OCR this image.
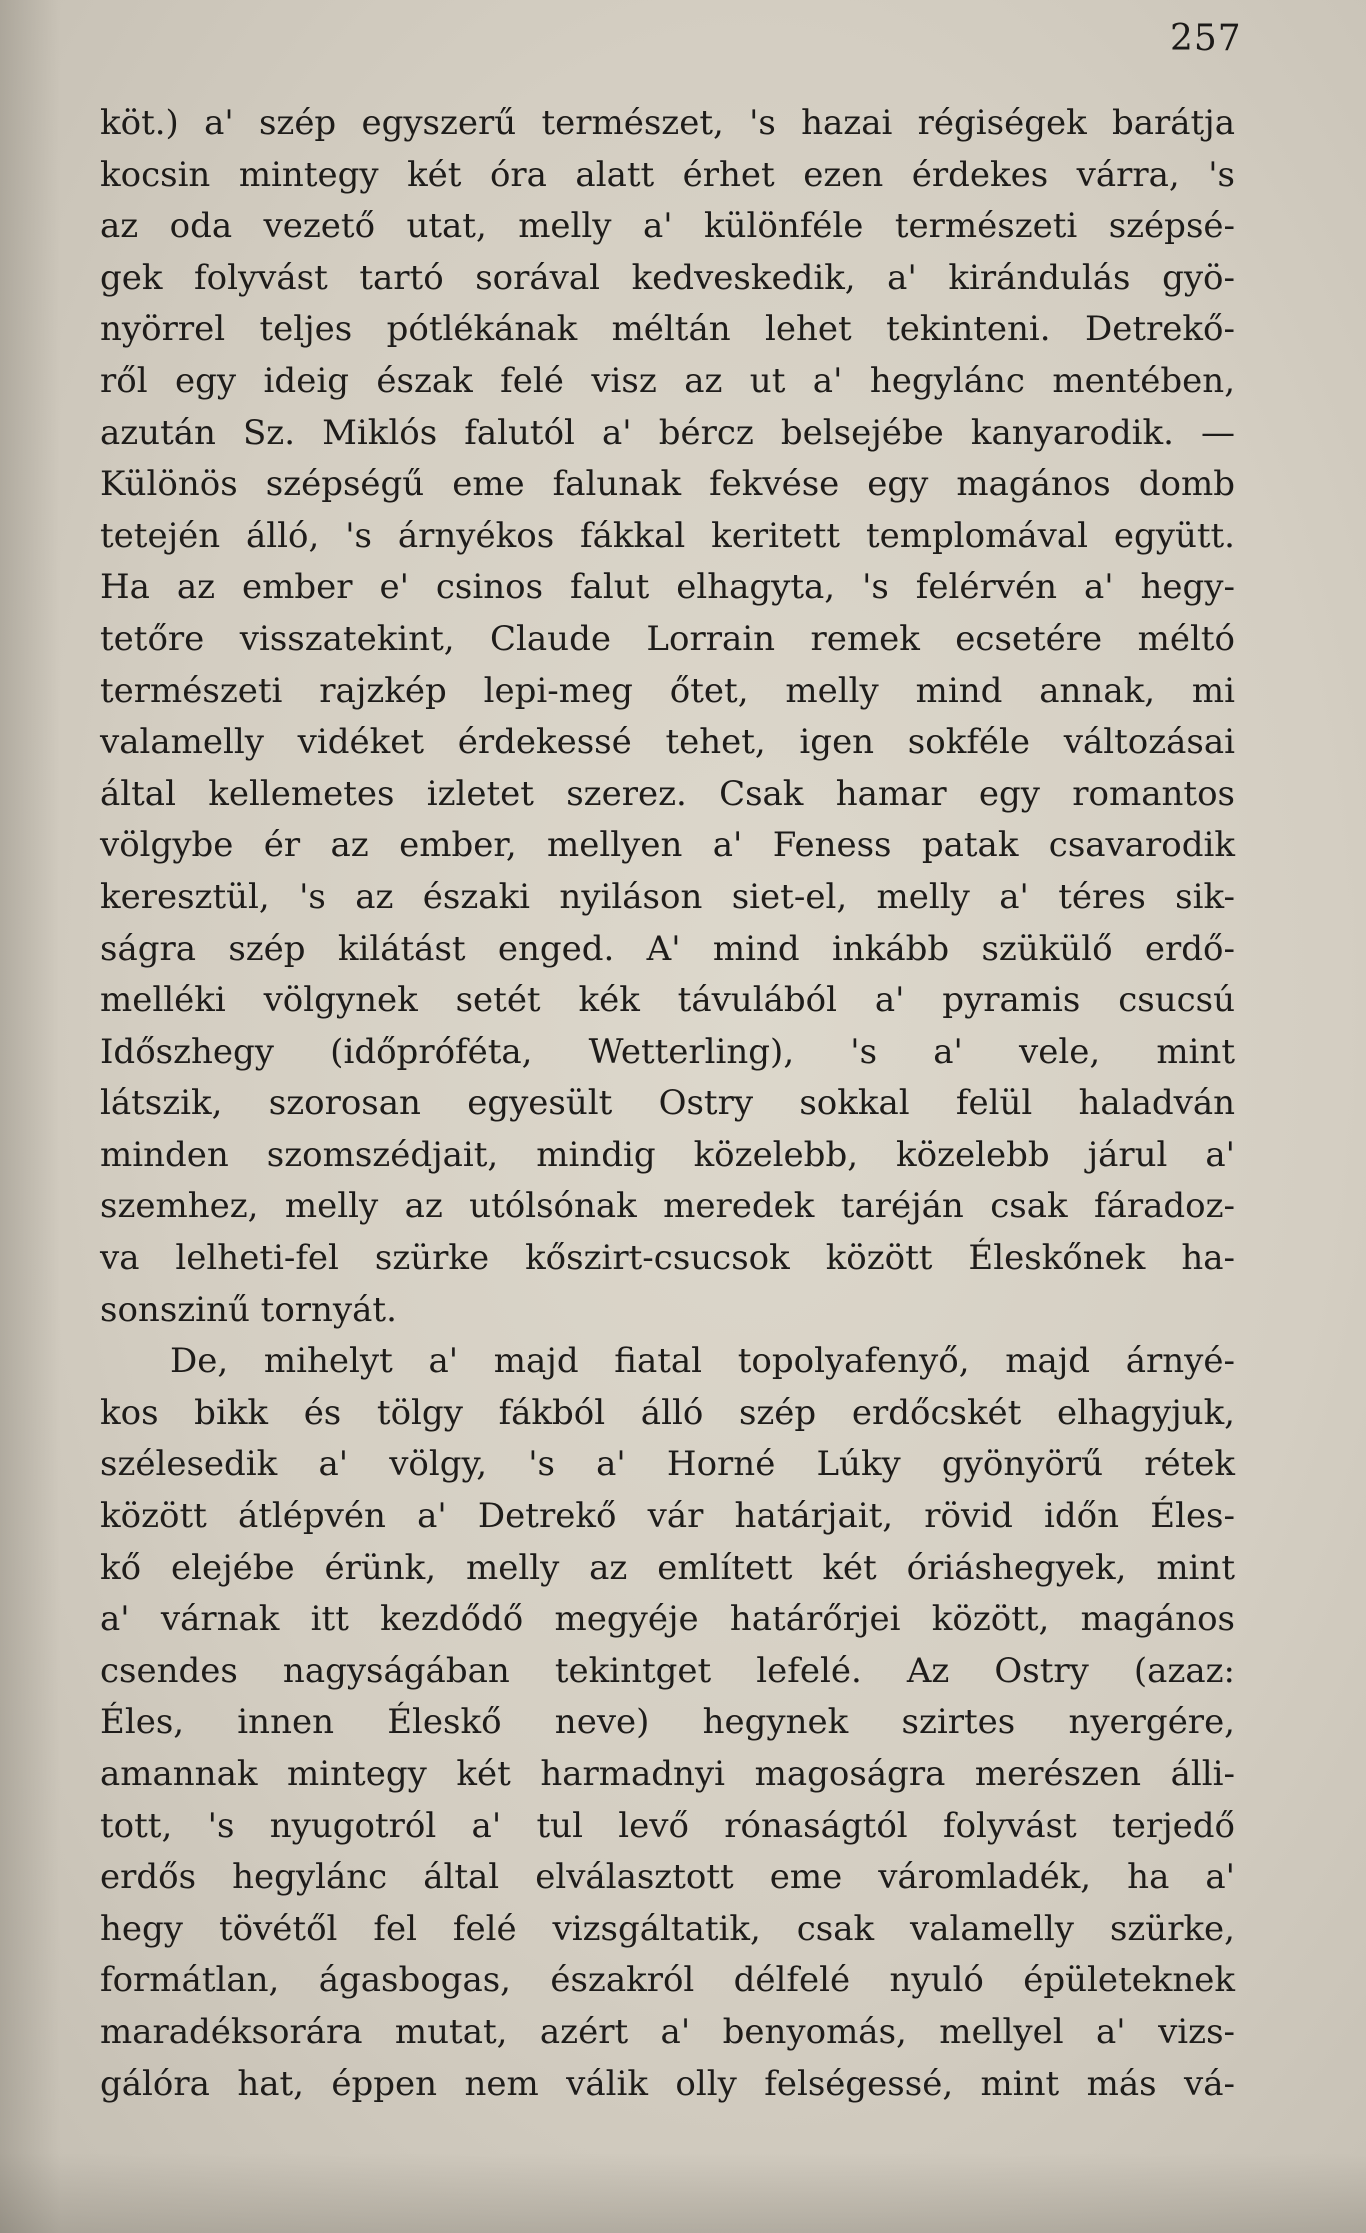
257
köt.) a' szép egyszerű természet, 's hazai régiségek barátja
kocsin mintegy két óra alatt érhet ezen érdekes várra, 's
az oda vezető utat, melly a' különféle természeti szépsé-
gek folyvást tartó sorával kedveskedik, a' kirándulás gyö-
nyörrel teljes pótlékának méltán lehet tekinteni. Detrekő-
ről egy ideig észak felé visz az ut a' hegylánc mentében,
azután Sz. Miklós falutól a' bércz belsejébe kanyarodik. —
Különös szépségű eme falunak fekvése egy magános domb
tetején álló, 's árnyékos fákkal keritett templomával együtt.
Ha az ember e' csinos falut elhagyta, 's felérvén a' hegy-
tetőre visszatekint, Claude Lorrain remek ecsetére méltó
természeti rajzkép lepi-meg őtet, melly mind annak, mi
valamelly vidéket érdekessé tehet, igen sokféle változásai
által kellemetes izletet szerez. Csak hamar egy romantos
völgybe ér az ember, mellyen a' Feness patak csavarodik
keresztül, 's az északi nyiláson siet-el, melly a' téres sik-
ságra szép kilátást enged. A' mind inkább szükülő erdő-
melléki völgynek setét kék távulából a' pyramis csucsú
Időszhegy (időpróféta, Wetterling), 's a' vele, mint
látszik, szorosan egyesült Ostry sokkal felül haladván
minden szomszédjait, mindig közelebb, közelebb járul a'
szemhez, melly az utólsónak meredek taréján csak fáradoz-
va lelheti-fel szürke kőszirt-csucsok között Éleskőnek ha-
sonszinű tornyát.
De, mihelyt a' majd fiatal topolyafenyő, majd árnyé-
kos bikk és tölgy fákból álló szép erdőcskét elhagyjuk,
szélesedik a' völgy, 's a' Horné Lúky gyönyörű rétek
között átlépvén a' Detrekő vár határjait, rövid időn Éles-
kő elejébe érünk, melly az említett két óriáshegyek, mint
a' várnak itt kezdődő megyéje határőrjei között, magános
csendes nagyságában tekintget lefelé. Az Ostry (azaz:
Éles, innen Éleskő neve) hegynek szirtes nyergére,
amannak mintegy két harmadnyi magoságra merészen álli-
tott, 's nyugotról a' tul levő rónaságtól folyvást terjedő
erdős hegylánc által elválasztott eme váromladék, ha a'
hegy tövétől fel felé vizsgáltatik, csak valamelly szürke,
formátlan, ágasbogas, északról délfelé nyuló épületeknek
maradéksorára mutat, azért a' benyomás, mellyel a' vizs-
gálóra hat, éppen nem válik olly felségessé, mint más vá-
